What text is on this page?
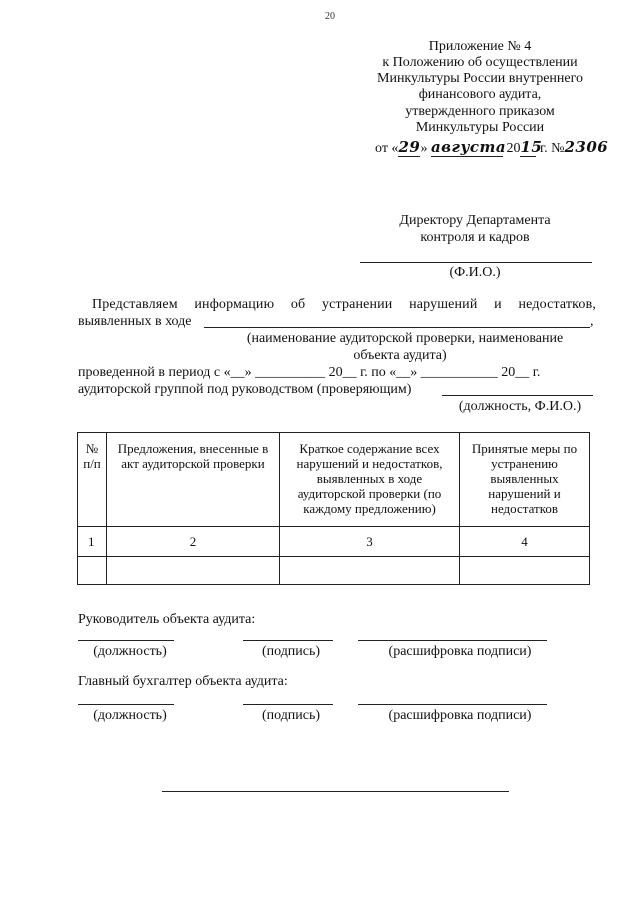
20
Приложение № 4
к Положению об осуществлении
Минкультуры России внутреннего
финансового аудита,
утвержденного приказом
Минкультуры России
от «29» августа 2015 г. №2306
Директору Департамента
контроля и кадров
(Ф.И.О.)
Представляем информацию об устранении нарушений и недостатков,
выявленных в ходе	,
(наименование аудиторской проверки, наименование
объекта аудита)
проведенной в период с «__» __________ 20__ г. по «__» ___________ 20__ г.
аудиторской группой под руководством (проверяющим)
(должность, Ф.И.О.)
№ п/п	Предложения, внесенные в акт аудиторской проверки	Краткое содержание всех нарушений и недостатков, выявленных в ходе аудиторской проверки (по каждому предложению)	Принятые меры по устранению выявленных нарушений и недостатков
1	2	3	4

Руководитель объекта аудита:
(должность)	(подпись)	(расшифровка подписи)
Главный бухгалтер объекта аудита:
(должность)	(подпись)	(расшифровка подписи)
